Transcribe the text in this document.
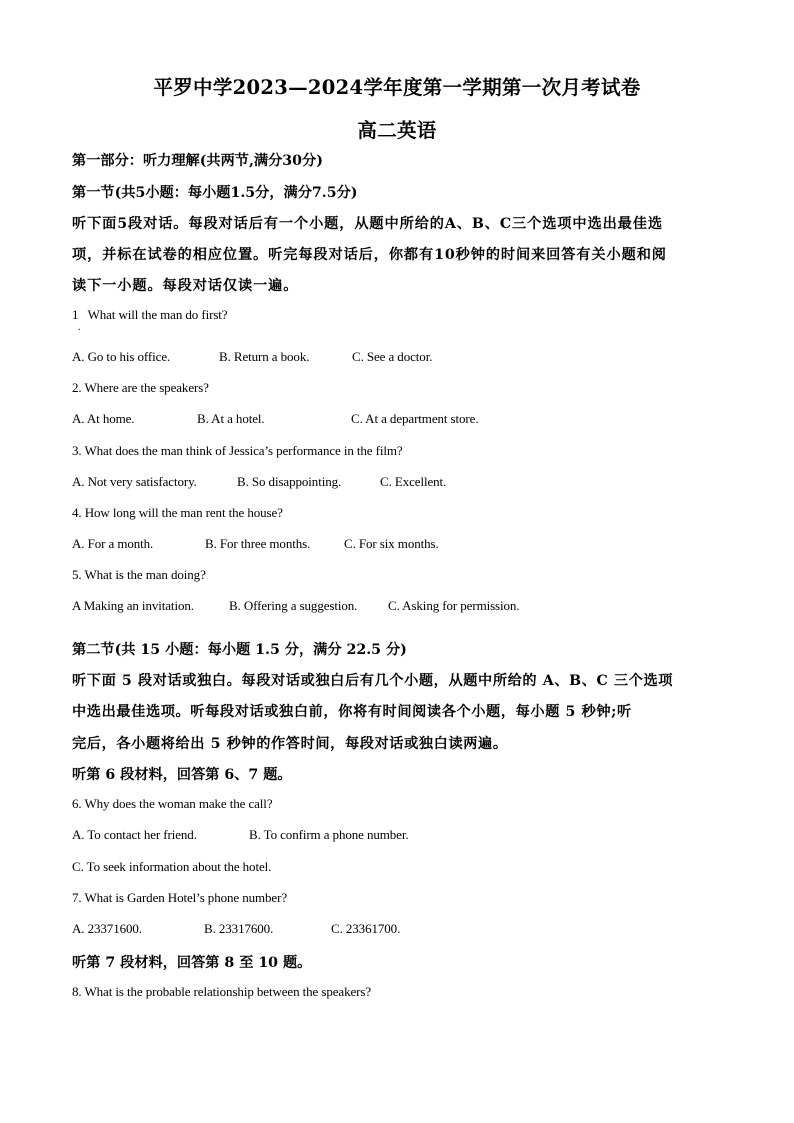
平罗中学2023—2024学年度第一学期第一次月考试卷
高二英语
第一部分：听力理解(共两节,满分30分)
第一节(共5小题：每小题1.5分，满分7.5分)
听下面5段对话。每段对话后有一个小题，从题中所给的A、B、C三个选项中选出最佳选
项，并标在试卷的相应位置。听完每段对话后，你都有10秒钟的时间来回答有关小题和阅
读下一小题。每段对话仅读一遍。
1 What will the man do first?
.
A. Go to his office.	B. Return a book.	C. See a doctor.
2. Where are the speakers?
A. At home.	B. At a hotel.	C. At a department store.
3. What does the man think of Jessica’s performance in the film?
A. Not very satisfactory.	B. So disappointing.	C. Excellent.
4. How long will the man rent the house?
A. For a month.	B. For three months.	C. For six months.
5. What is the man doing?
A Making an invitation.	B. Offering a suggestion. C. Asking for permission.
第二节(共 15 小题：每小题 1.5 分，满分 22.5 分)
听下面 5 段对话或独白。每段对话或独白后有几个小题，从题中所给的 A、B、C 三个选项
中选出最佳选项。听每段对话或独白前，你将有时间阅读各个小题，每小题 5 秒钟;听
完后，各小题将给出 5 秒钟的作答时间，每段对话或独白读两遍。
听第 6 段材料，回答第 6、7 题。
6. Why does the woman make the call?
A. To contact her friend.	B. To confirm a phone number.
C. To seek information about the hotel.
7. What is Garden Hotel’s phone number?
A. 23371600.	B. 23317600.	C. 23361700.
听第 7 段材料，回答第 8 至 10 题。
8. What is the probable relationship between the speakers?
